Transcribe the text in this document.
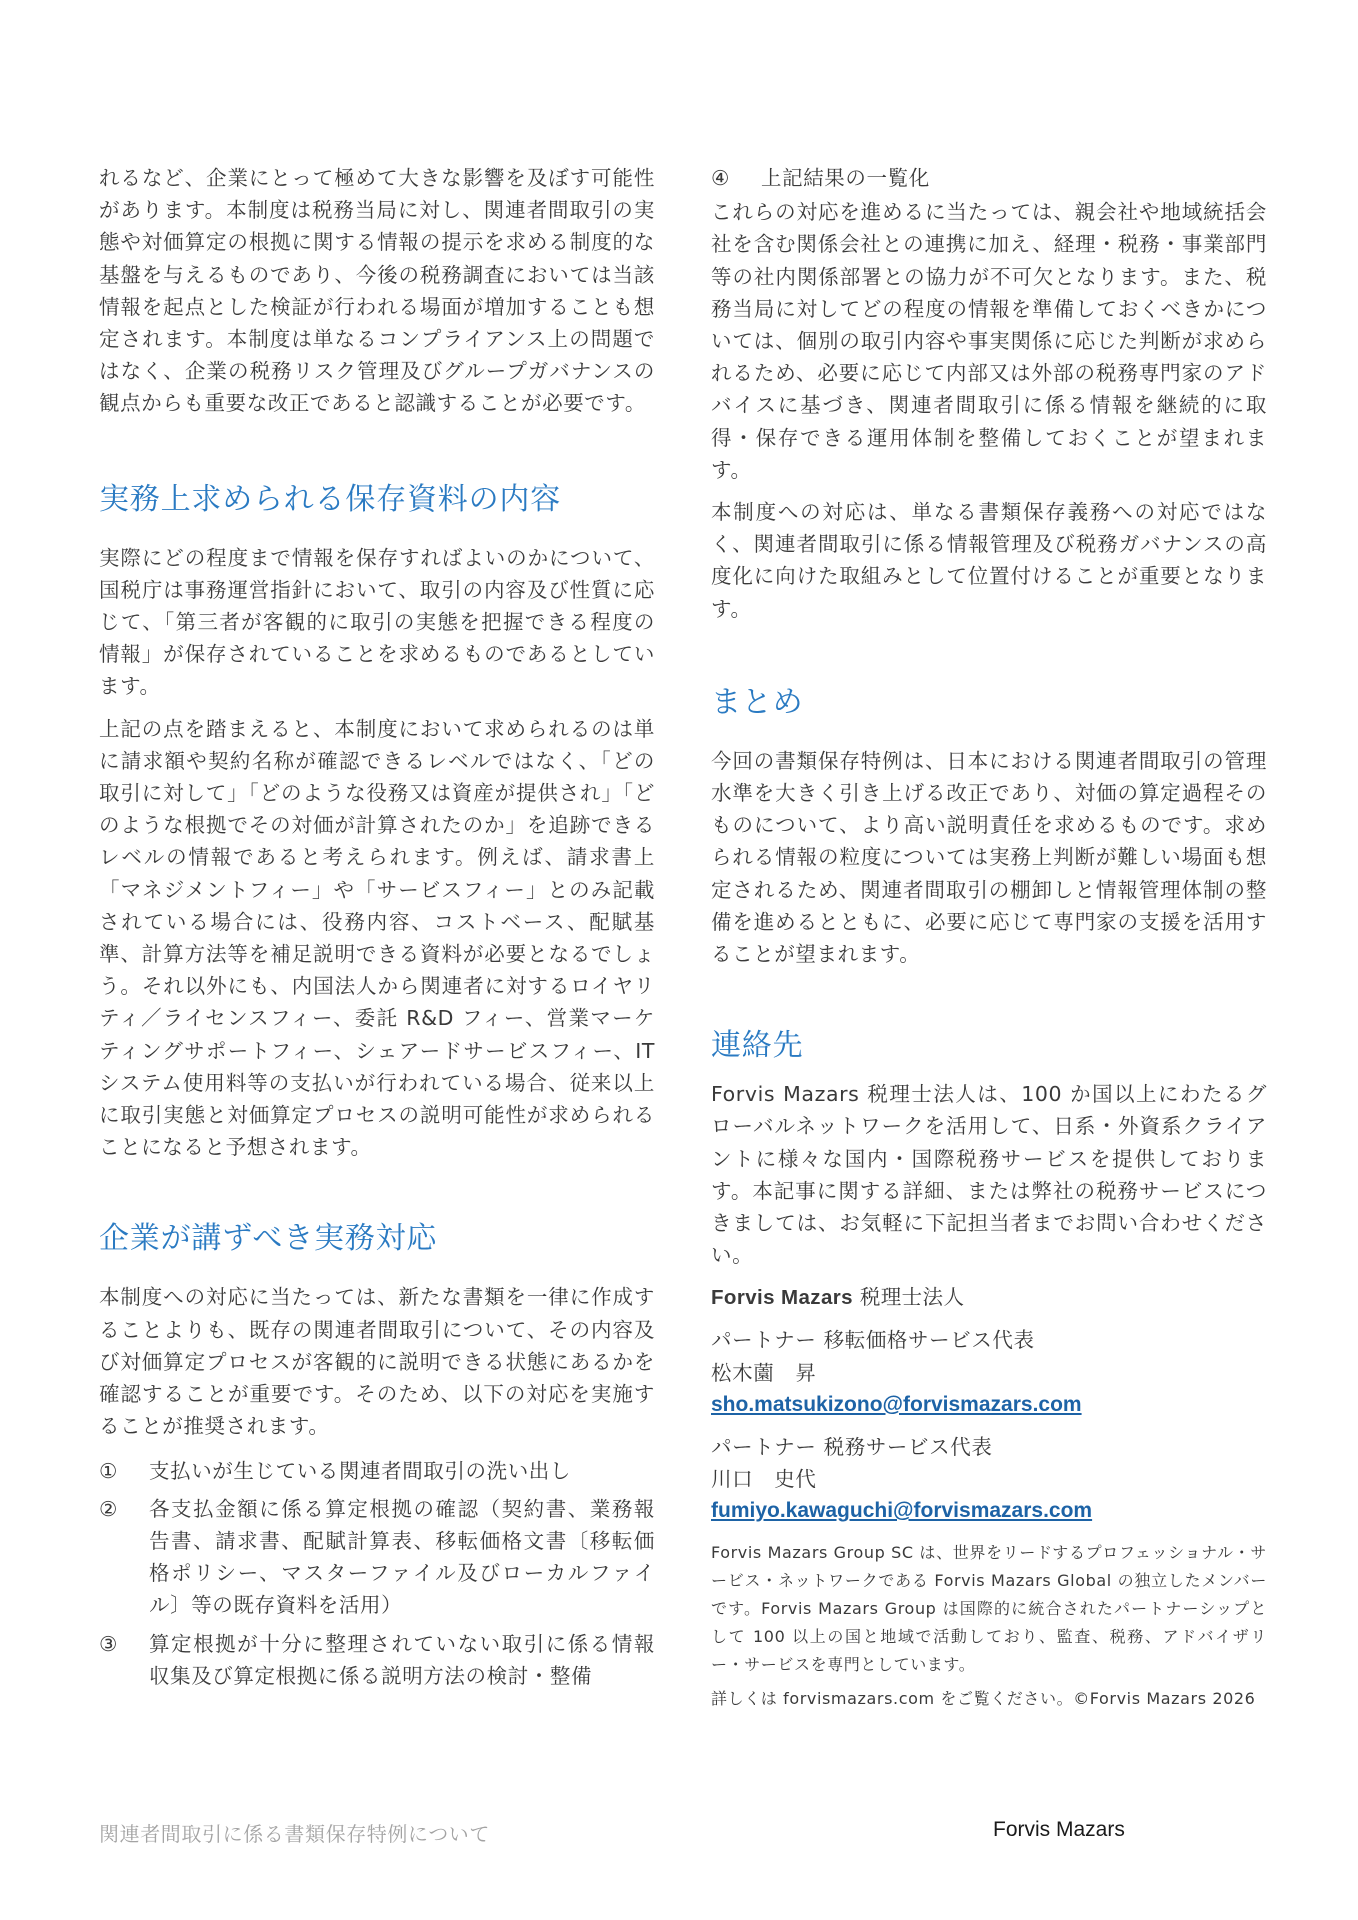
れるなど、企業にとって極めて大きな影響を及ぼす可能性があります。本制度は税務当局に対し、関連者間取引の実態や対価算定の根拠に関する情報の提示を求める制度的な基盤を与えるものであり、今後の税務調査においては当該情報を起点とした検証が行われる場面が増加することも想定されます。本制度は単なるコンプライアンス上の問題ではなく、企業の税務リスク管理及びグループガバナンスの観点からも重要な改正であると認識することが必要です。

実務上求められる保存資料の内容

実際にどの程度まで情報を保存すればよいのかについて、国税庁は事務運営指針において、取引の内容及び性質に応じて、「第三者が客観的に取引の実態を把握できる程度の情報」が保存されていることを求めるものであるとしています。

上記の点を踏まえると、本制度において求められるのは単に請求額や契約名称が確認できるレベルではなく、「どの取引に対して」「どのような役務又は資産が提供され」「どのような根拠でその対価が計算されたのか」を追跡できるレベルの情報であると考えられます。例えば、請求書上「マネジメントフィー」や「サービスフィー」とのみ記載されている場合には、役務内容、コストベース、配賦基準、計算方法等を補足説明できる資料が必要となるでしょう。それ以外にも、内国法人から関連者に対するロイヤリティ／ライセンスフィー、委託 R&D フィー、営業マーケティングサポートフィー、シェアードサービスフィー、IT システム使用料等の支払いが行われている場合、従来以上に取引実態と対価算定プロセスの説明可能性が求められることになると予想されます。

企業が講ずべき実務対応

本制度への対応に当たっては、新たな書類を一律に作成することよりも、既存の関連者間取引について、その内容及び対価算定プロセスが客観的に説明できる状態にあるかを確認することが重要です。そのため、以下の対応を実施することが推奨されます。

① 支払いが生じている関連者間取引の洗い出し
② 各支払金額に係る算定根拠の確認（契約書、業務報告書、請求書、配賦計算表、移転価格文書〔移転価格ポリシー、マスターファイル及びローカルファイル〕等の既存資料を活用）
③ 算定根拠が十分に整理されていない取引に係る情報収集及び算定根拠に係る説明方法の検討・整備
④ 上記結果の一覧化

これらの対応を進めるに当たっては、親会社や地域統括会社を含む関係会社との連携に加え、経理・税務・事業部門等の社内関係部署との協力が不可欠となります。また、税務当局に対してどの程度の情報を準備しておくべきかについては、個別の取引内容や事実関係に応じた判断が求められるため、必要に応じて内部又は外部の税務専門家のアドバイスに基づき、関連者間取引に係る情報を継続的に取得・保存できる運用体制を整備しておくことが望まれます。

本制度への対応は、単なる書類保存義務への対応ではなく、関連者間取引に係る情報管理及び税務ガバナンスの高度化に向けた取組みとして位置付けることが重要となります。

まとめ

今回の書類保存特例は、日本における関連者間取引の管理水準を大きく引き上げる改正であり、対価の算定過程そのものについて、より高い説明責任を求めるものです。求められる情報の粒度については実務上判断が難しい場面も想定されるため、関連者間取引の棚卸しと情報管理体制の整備を進めるとともに、必要に応じて専門家の支援を活用することが望まれます。

連絡先

Forvis Mazars 税理士法人は、100 か国以上にわたるグローバルネットワークを活用して、日系・外資系クライアントに様々な国内・国際税務サービスを提供しております。本記事に関する詳細、または弊社の税務サービスにつきましては、お気軽に下記担当者までお問い合わせください。

Forvis Mazars 税理士法人

パートナー 移転価格サービス代表

松木薗　昇

sho.matsukizono@forvismazars.com

パートナー 税務サービス代表

川口　史代

fumiyo.kawaguchi@forvismazars.com

Forvis Mazars Group SC は、世界をリードするプロフェッショナル・サービス・ネットワークである Forvis Mazars Global の独立したメンバーです。Forvis Mazars Group は国際的に統合されたパートナーシップとして 100 以上の国と地域で活動しており、監査、税務、アドバイザリー・サービスを専門としています。

詳しくは forvismazars.com をご覧ください。©Forvis Mazars 2026

関連者間取引に係る書類保存特例について	Forvis Mazars
